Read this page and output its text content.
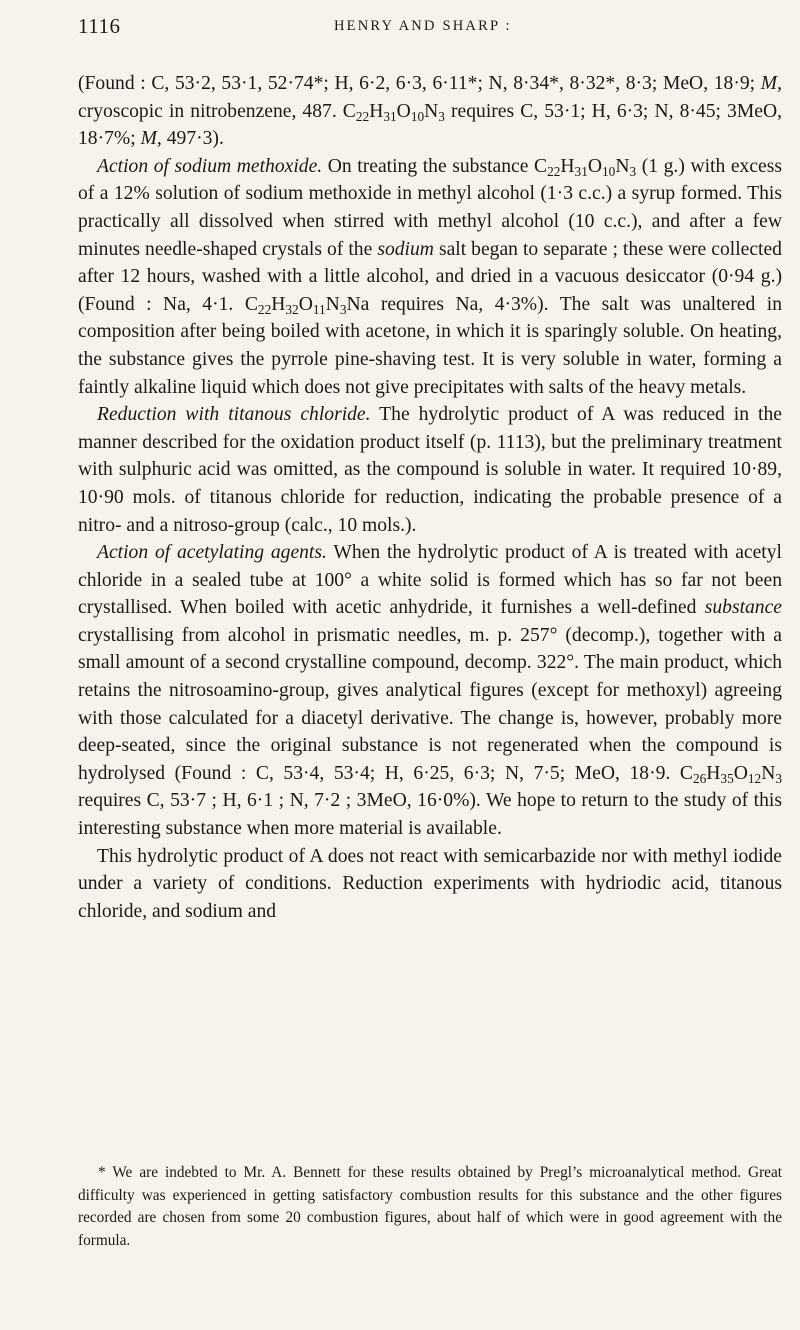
1116	HENRY AND SHARP :

(Found : C, 53·2, 53·1, 52·74*; H, 6·2, 6·3, 6·11*; N, 8·34*, 8·32*, 8·3; MeO, 18·9; M, cryoscopic in nitrobenzene, 487. $C_{22}H_{31}O_{10}N_3$ requires C, 53·1; H, 6·3; N, 8·45; 3MeO, 18·7%; M, 497·3).

Action of sodium methoxide. On treating the substance $C_{22}H_{31}O_{10}N_3$ (1 g.) with excess of a 12% solution of sodium methoxide in methyl alcohol (1·3 c.c.) a syrup formed. This practically all dissolved when stirred with methyl alcohol (10 c.c.), and after a few minutes needle-shaped crystals of the sodium salt began to separate ; these were collected after 12 hours, washed with a little alcohol, and dried in a vacuous desiccator (0·94 g.) (Found : Na, 4·1. $C_{22}H_{32}O_{11}N_3Na$ requires Na, 4·3%). The salt was unaltered in composition after being boiled with acetone, in which it is sparingly soluble. On heating, the substance gives the pyrrole pine-shaving test. It is very soluble in water, forming a faintly alkaline liquid which does not give precipitates with salts of the heavy metals.

Reduction with titanous chloride. The hydrolytic product of A was reduced in the manner described for the oxidation product itself (p. 1113), but the preliminary treatment with sulphuric acid was omitted, as the compound is soluble in water. It required 10·89, 10·90 mols. of titanous chloride for reduction, indicating the probable presence of a nitro- and a nitroso-group (calc., 10 mols.).

Action of acetylating agents. When the hydrolytic product of A is treated with acetyl chloride in a sealed tube at 100° a white solid is formed which has so far not been crystallised. When boiled with acetic anhydride, it furnishes a well-defined substance crystallising from alcohol in prismatic needles, m. p. 257° (decomp.), together with a small amount of a second crystalline compound, decomp. 322°. The main product, which retains the nitrosoamino-group, gives analytical figures (except for methoxyl) agreeing with those calculated for a diacetyl derivative. The change is, however, probably more deep-seated, since the original substance is not regenerated when the compound is hydrolysed (Found : C, 53·4, 53·4; H, 6·25, 6·3; N, 7·5; MeO, 18·9. $C_{26}H_{35}O_{12}N_3$ requires C, 53·7 ; H, 6·1 ; N, 7·2 ; 3MeO, 16·0%). We hope to return to the study of this interesting substance when more material is available.

This hydrolytic product of A does not react with semicarbazide nor with methyl iodide under a variety of conditions. Reduction experiments with hydriodic acid, titanous chloride, and sodium and

* We are indebted to Mr. A. Bennett for these results obtained by Pregl’s microanalytical method. Great difficulty was experienced in getting satisfactory combustion results for this substance and the other figures recorded are chosen from some 20 combustion figures, about half of which were in good agreement with the formula.
